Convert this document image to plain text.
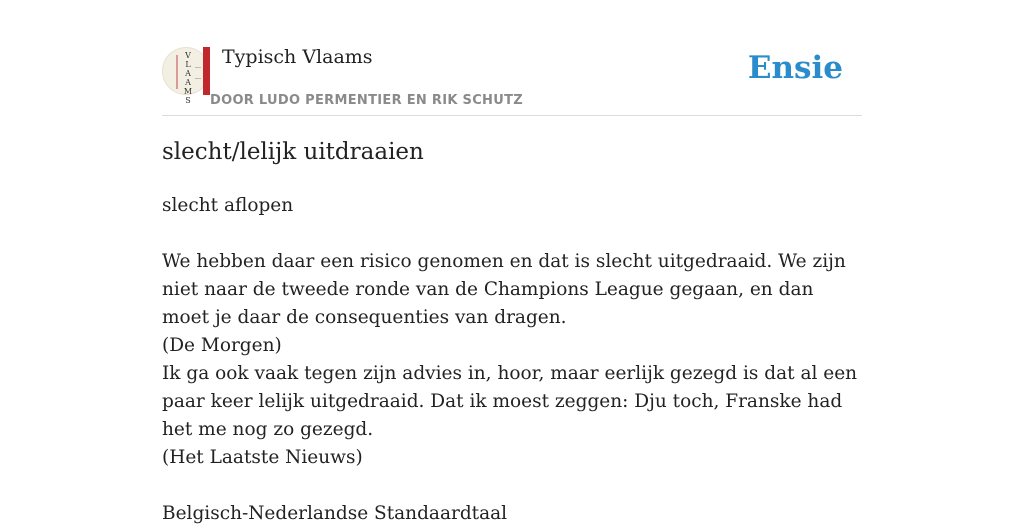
V
L
A
A
M
S
Typisch Vlaams
DOOR LUDO PERMENTIER EN RIK SCHUTZ
Ensie
slecht/lelijk uitdraaien

slecht aflopen

We hebben daar een risico genomen en dat is slecht uitgedraaid. We zijn niet naar de tweede ronde van de Champions League gegaan, en dan moet je daar de consequenties van dragen.

(De Morgen)

Ik ga ook vaak tegen zijn advies in, hoor, maar eerlijk gezegd is dat al een paar keer lelijk uitgedraaid. Dat ik moest zeggen: Dju toch, Franske had het me nog zo gezegd.

(Het Laatste Nieuws)

Belgisch-Nederlandse Standaardtaal
